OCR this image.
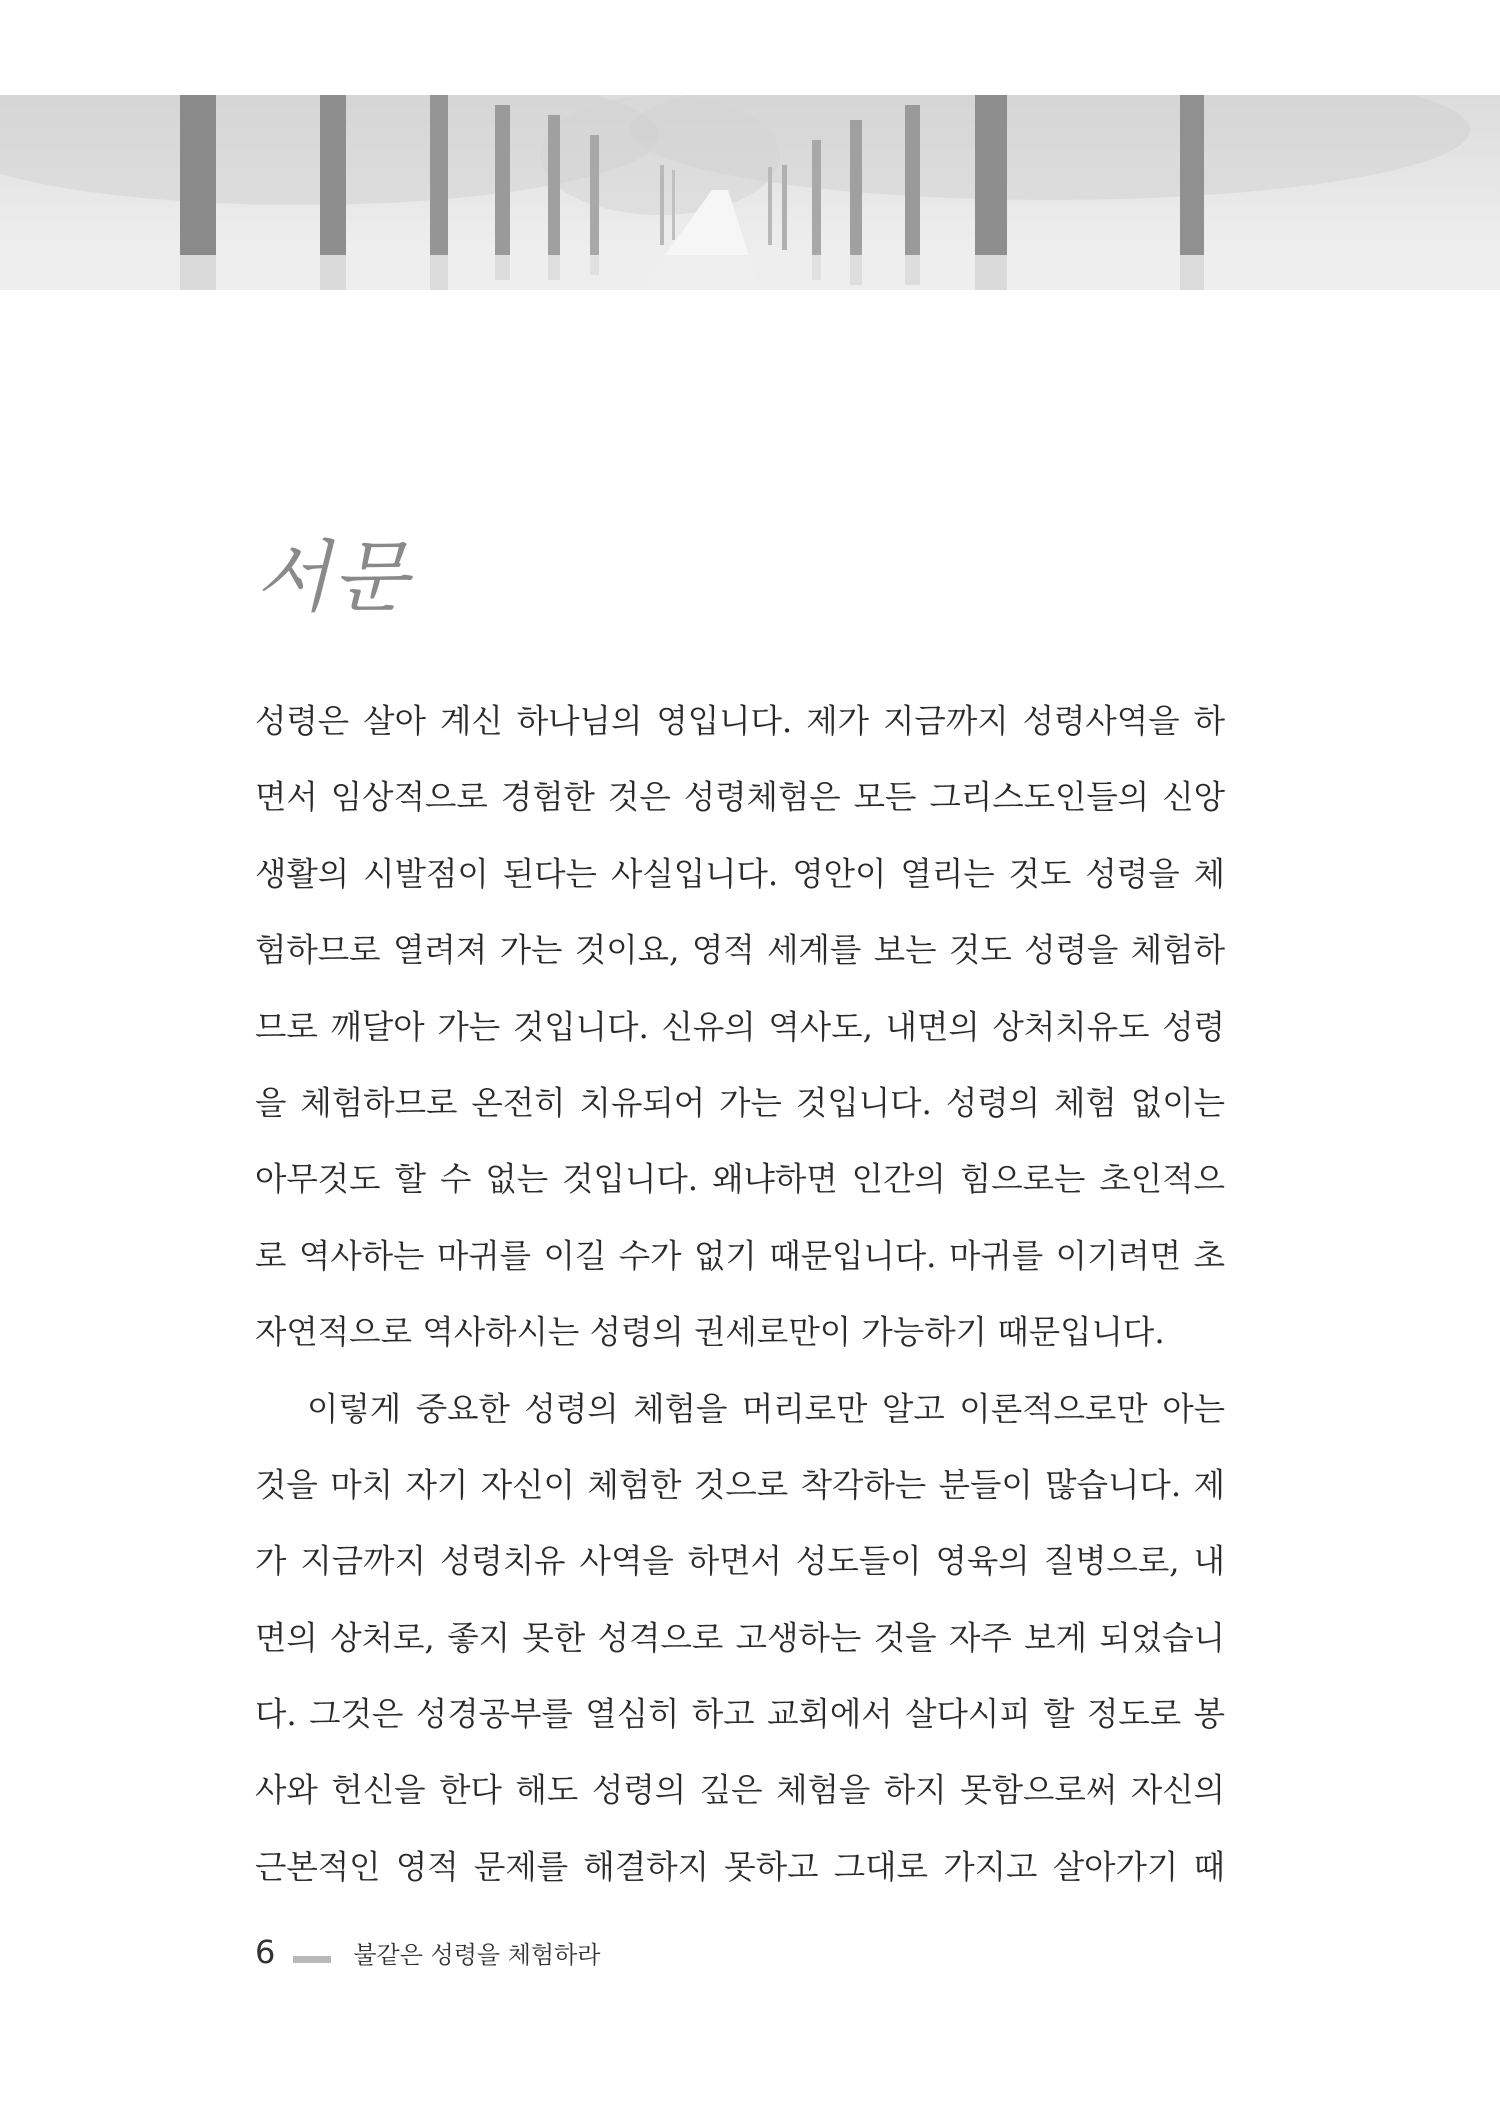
서문
성령은 살아 계신 하나님의 영입니다. 제가 지금까지 성령사역을 하
면서 임상적으로 경험한 것은 성령체험은 모든 그리스도인들의 신앙
생활의 시발점이 된다는 사실입니다. 영안이 열리는 것도 성령을 체
험하므로 열려져 가는 것이요, 영적 세계를 보는 것도 성령을 체험하
므로 깨달아 가는 것입니다. 신유의 역사도, 내면의 상처치유도 성령
을 체험하므로 온전히 치유되어 가는 것입니다. 성령의 체험 없이는
아무것도 할 수 없는 것입니다. 왜냐하면 인간의 힘으로는 초인적으
로 역사하는 마귀를 이길 수가 없기 때문입니다. 마귀를 이기려면 초
자연적으로 역사하시는 성령의 권세로만이 가능하기 때문입니다.
이렇게 중요한 성령의 체험을 머리로만 알고 이론적으로만 아는
것을 마치 자기 자신이 체험한 것으로 착각하는 분들이 많습니다. 제
가 지금까지 성령치유 사역을 하면서 성도들이 영육의 질병으로, 내
면의 상처로, 좋지 못한 성격으로 고생하는 것을 자주 보게 되었습니
다. 그것은 성경공부를 열심히 하고 교회에서 살다시피 할 정도로 봉
사와 헌신을 한다 해도 성령의 깊은 체험을 하지 못함으로써 자신의
근본적인 영적 문제를 해결하지 못하고 그대로 가지고 살아가기 때
6	불같은 성령을 체험하라
